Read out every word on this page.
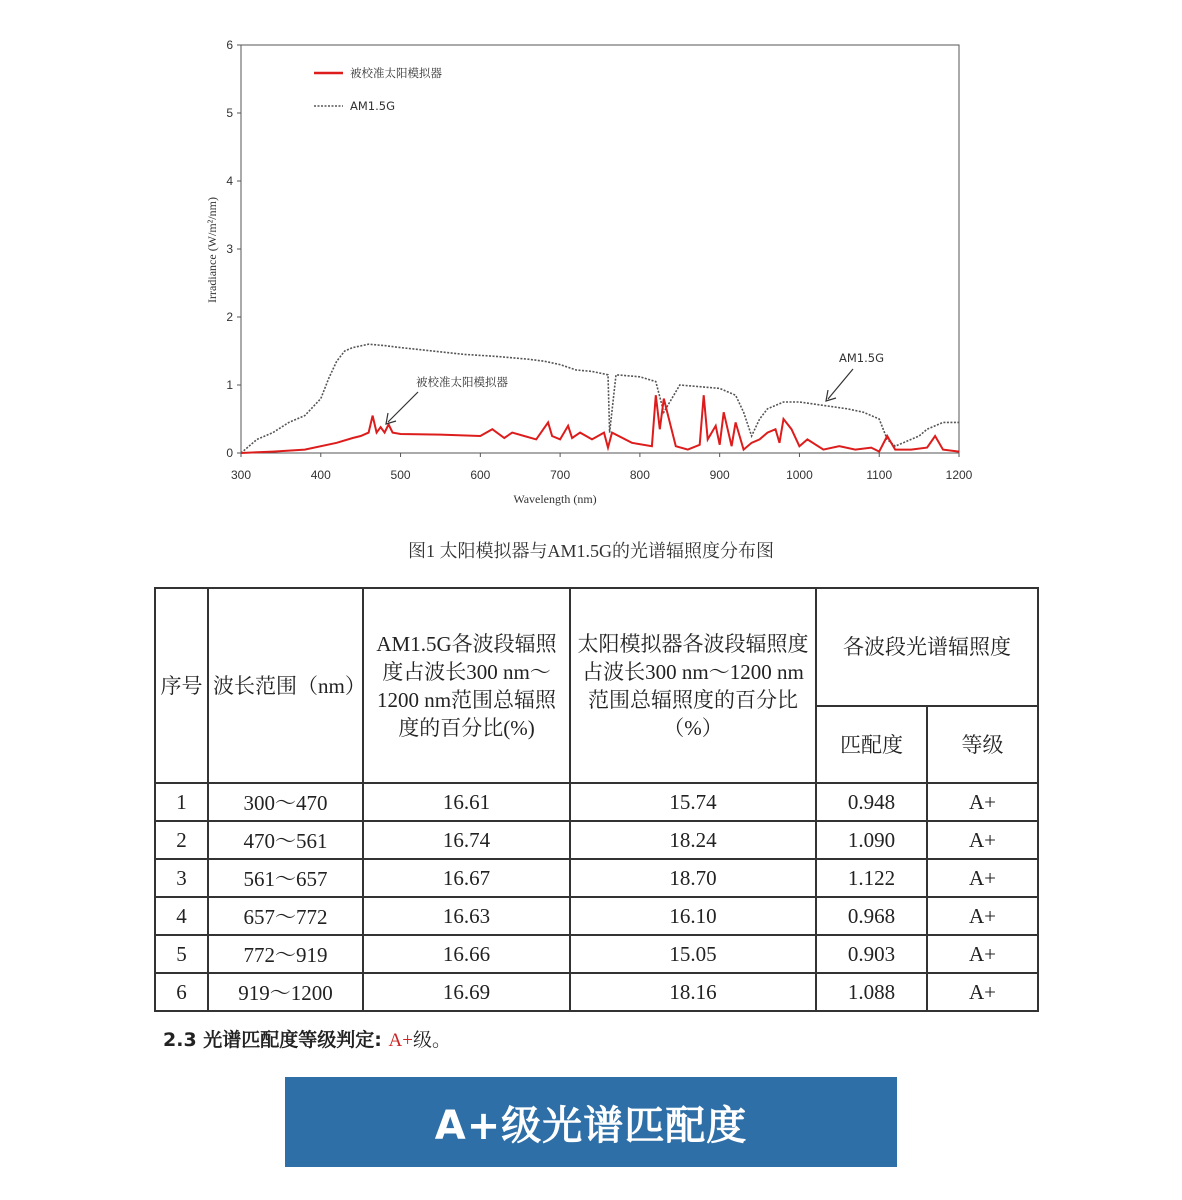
300	400	500	600	700	800	900	1000	1100	1200
0
1
2
3
4
5
6
Wavelength (nm)
Irradiance (W/m²/nm)
被校准太阳模拟器
AM1.5G
被校准太阳模拟器
AM1.5G
图1 太阳模拟器与AM1.5G的光谱辐照度分布图
序号	波长范围（nm）	AM1.5G各波段辐照度占波长300 nm～1200 nm范围总辐照度的百分比(%)	太阳模拟器各波段辐照度占波长300 nm～1200 nm范围总辐照度的百分比（%）	各波段光谱辐照度	
				匹配度	等级
1	300～470	16.61	15.74	0.948	A+
2	470～561	16.74	18.24	1.090	A+
3	561～657	16.67	18.70	1.122	A+
4	657～772	16.63	16.10	0.968	A+
5	772～919	16.66	15.05	0.903	A+
6	919～1200	16.69	18.16	1.088	A+
2.3 光谱匹配度等级判定: A+级。
A+级光谱匹配度
